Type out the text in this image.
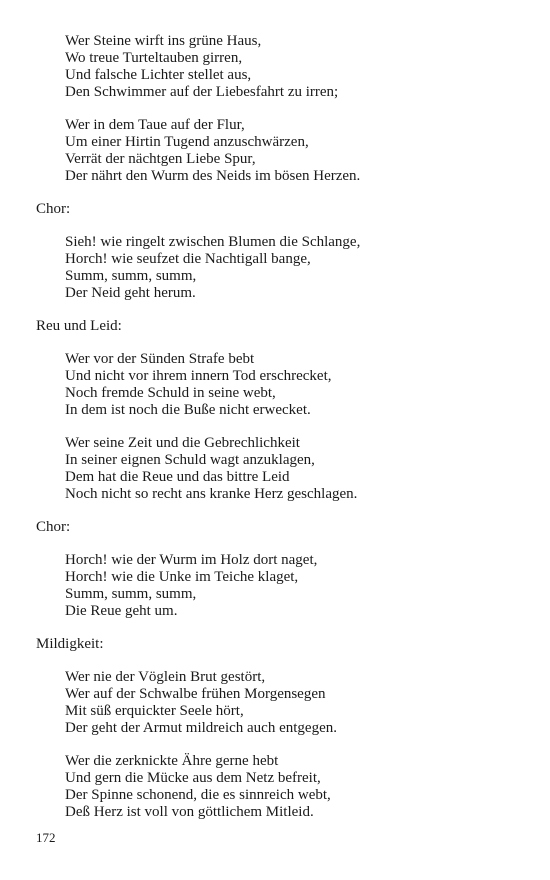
Wer Steine wirft ins grüne Haus,
Wo treue Turteltauben girren,
Und falsche Lichter stellet aus,
Den Schwimmer auf der Liebesfahrt zu irren;
Wer in dem Taue auf der Flur,
Um einer Hirtin Tugend anzuschwärzen,
Verrät der nächtgen Liebe Spur,
Der nährt den Wurm des Neids im bösen Herzen.
Chor:
Sieh! wie ringelt zwischen Blumen die Schlange,
Horch! wie seufzet die Nachtigall bange,
Summ, summ, summ,
Der Neid geht herum.
Reu und Leid:
Wer vor der Sünden Strafe bebt
Und nicht vor ihrem innern Tod erschrecket,
Noch fremde Schuld in seine webt,
In dem ist noch die Buße nicht erwecket.
Wer seine Zeit und die Gebrechlichkeit
In seiner eignen Schuld wagt anzuklagen,
Dem hat die Reue und das bittre Leid
Noch nicht so recht ans kranke Herz geschlagen.
Chor:
Horch! wie der Wurm im Holz dort naget,
Horch! wie die Unke im Teiche klaget,
Summ, summ, summ,
Die Reue geht um.
Mildigkeit:
Wer nie der Vöglein Brut gestört,
Wer auf der Schwalbe frühen Morgensegen
Mit süß erquickter Seele hört,
Der geht der Armut mildreich auch entgegen.
Wer die zerknickte Ähre gerne hebt
Und gern die Mücke aus dem Netz befreit,
Der Spinne schonend, die es sinnreich webt,
Deß Herz ist voll von göttlichem Mitleid.
172
